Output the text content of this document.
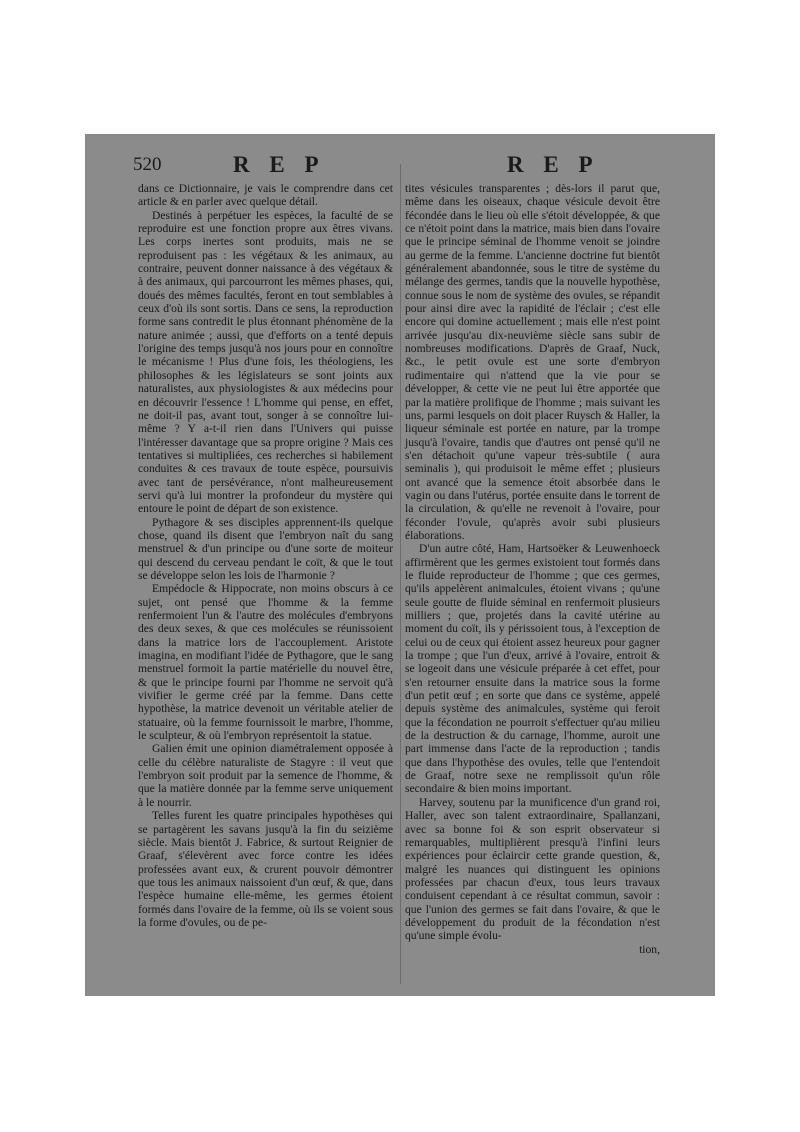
520	R E P	R E P

dans ce Dictionnaire, je vais le comprendre dans cet article & en parler avec quelque détail.

Destinés à perpétuer les espèces, la faculté de se reproduire est une fonction propre aux êtres vivans. Les corps inertes sont produits, mais ne se reproduisent pas : les végétaux & les animaux, au contraire, peuvent donner naissance à des végétaux & à des animaux, qui parcourront les mêmes phases, qui, doués des mêmes facultés, feront en tout semblables à ceux d'où ils sont sortis. Dans ce sens, la reproduction forme sans contredit le plus étonnant phénomène de la nature animée ; aussi, que d'efforts on a tenté depuis l'origine des temps jusqu'à nos jours pour en connoître le mécanisme ! Plus d'une fois, les théologiens, les philosophes & les législateurs se sont joints aux naturalistes, aux physiologistes & aux médecins pour en découvrir l'essence ! L'homme qui pense, en effet, ne doit-il pas, avant tout, songer à se connoître lui-même ? Y a-t-il rien dans l'Univers qui puisse l'intéresser davantage que sa propre origine ? Mais ces tentatives si multipliées, ces recherches si habilement conduites & ces travaux de toute espèce, poursuivis avec tant de persévérance, n'ont malheureusement servi qu'à lui montrer la profondeur du mystère qui entoure le point de départ de son existence.

Pythagore & ses disciples apprennent-ils quelque chose, quand ils disent que l'embryon naît du sang menstruel & d'un principe ou d'une sorte de moiteur qui descend du cerveau pendant le coït, & que le tout se développe selon les lois de l'harmonie ?

Empédocle & Hippocrate, non moins obscurs à ce sujet, ont pensé que l'homme & la femme renfermoient l'un & l'autre des molécules d'embryons des deux sexes, & que ces molécules se réunissoient dans la matrice lors de l'accouplement. Aristote imagina, en modifiant l'idée de Pythagore, que le sang menstruel formoit la partie matérielle du nouvel être, & que le principe fourni par l'homme ne servoit qu'à vivifier le germe créé par la femme. Dans cette hypothèse, la matrice devenoit un véritable atelier de statuaire, où la femme fournissoit le marbre, l'homme, le sculpteur, & où l'embryon représentoit la statue.

Galien émit une opinion diamétralement opposée à celle du célèbre naturaliste de Stagyre : il veut que l'embryon soit produit par la semence de l'homme, & que la matière donnée par la femme serve uniquement à le nourrir.

Telles furent les quatre principales hypothèses qui se partagèrent les savans jusqu'à la fin du seizième siècle. Mais bientôt J. Fabrice, & surtout Reignier de Graaf, s'élevèrent avec force contre les idées professées avant eux, & crurent pouvoir démontrer que tous les animaux naissoient d'un œuf, & que, dans l'espèce humaine elle-même, les germes étoient formés dans l'ovaire de la femme, où ils se voient sous la forme d'ovules, ou de pe-

tites vésicules transparentes ; dès-lors il parut que, même dans les oiseaux, chaque vésicule devoit être fécondée dans le lieu où elle s'étoit développée, & que ce n'étoit point dans la matrice, mais bien dans l'ovaire que le principe séminal de l'homme venoit se joindre au germe de la femme. L'ancienne doctrine fut bientôt généralement abandonnée, sous le titre de système du mélange des germes, tandis que la nouvelle hypothèse, connue sous le nom de système des ovules, se répandit pour ainsi dire avec la rapidité de l'éclair ; c'est elle encore qui domine actuellement ; mais elle n'est point arrivée jusqu'au dix-neuvième siècle sans subir de nombreuses modifications. D'après de Graaf, Nuck, &c., le petit ovule est une sorte d'embryon rudimentaire qui n'attend que la vie pour se développer, & cette vie ne peut lui être apportée que par la matière prolifique de l'homme ; mais suivant les uns, parmi lesquels on doit placer Ruysch & Haller, la liqueur séminale est portée en nature, par la trompe jusqu'à l'ovaire, tandis que d'autres ont pensé qu'il ne s'en détachoit qu'une vapeur très-subtile ( aura seminalis ), qui produisoit le même effet ; plusieurs ont avancé que la semence étoit absorbée dans le vagin ou dans l'utérus, portée ensuite dans le torrent de la circulation, & qu'elle ne revenoit à l'ovaire, pour féconder l'ovule, qu'après avoir subi plusieurs élaborations.

D'un autre côté, Ham, Hartsoëker & Leuwenhoeck affirmèrent que les germes existoient tout formés dans le fluide reproducteur de l'homme ; que ces germes, qu'ils appelèrent animalcules, étoient vivans ; qu'une seule goutte de fluide séminal en renfermoit plusieurs milliers ; que, projetés dans la cavité utérine au moment du coït, ils y périssoient tous, à l'exception de celui ou de ceux qui étoient assez heureux pour gagner la trompe ; que l'un d'eux, arrivé à l'ovaire, entroit & se logeoit dans une vésicule préparée à cet effet, pour s'en retourner ensuite dans la matrice sous la forme d'un petit œuf ; en sorte que dans ce système, appelé depuis système des animalcules, système qui feroit que la fécondation ne pourroit s'effectuer qu'au milieu de la destruction & du carnage, l'homme, auroit une part immense dans l'acte de la reproduction ; tandis que dans l'hypothèse des ovules, telle que l'entendoit de Graaf, notre sexe ne remplissoit qu'un rôle secondaire & bien moins important.

Harvey, soutenu par la munificence d'un grand roi, Haller, avec son talent extraordinaire, Spallanzani, avec sa bonne foi & son esprit observateur si remarquables, multiplièrent presqu'à l'infini leurs expériences pour éclaircir cette grande question, &, malgré les nuances qui distinguent les opinions professées par chacun d'eux, tous leurs travaux conduisent cependant à ce résultat commun, savoir : que l'union des germes se fait dans l'ovaire, & que le développement du produit de la fécondation n'est qu'une simple évolu-

tion,
